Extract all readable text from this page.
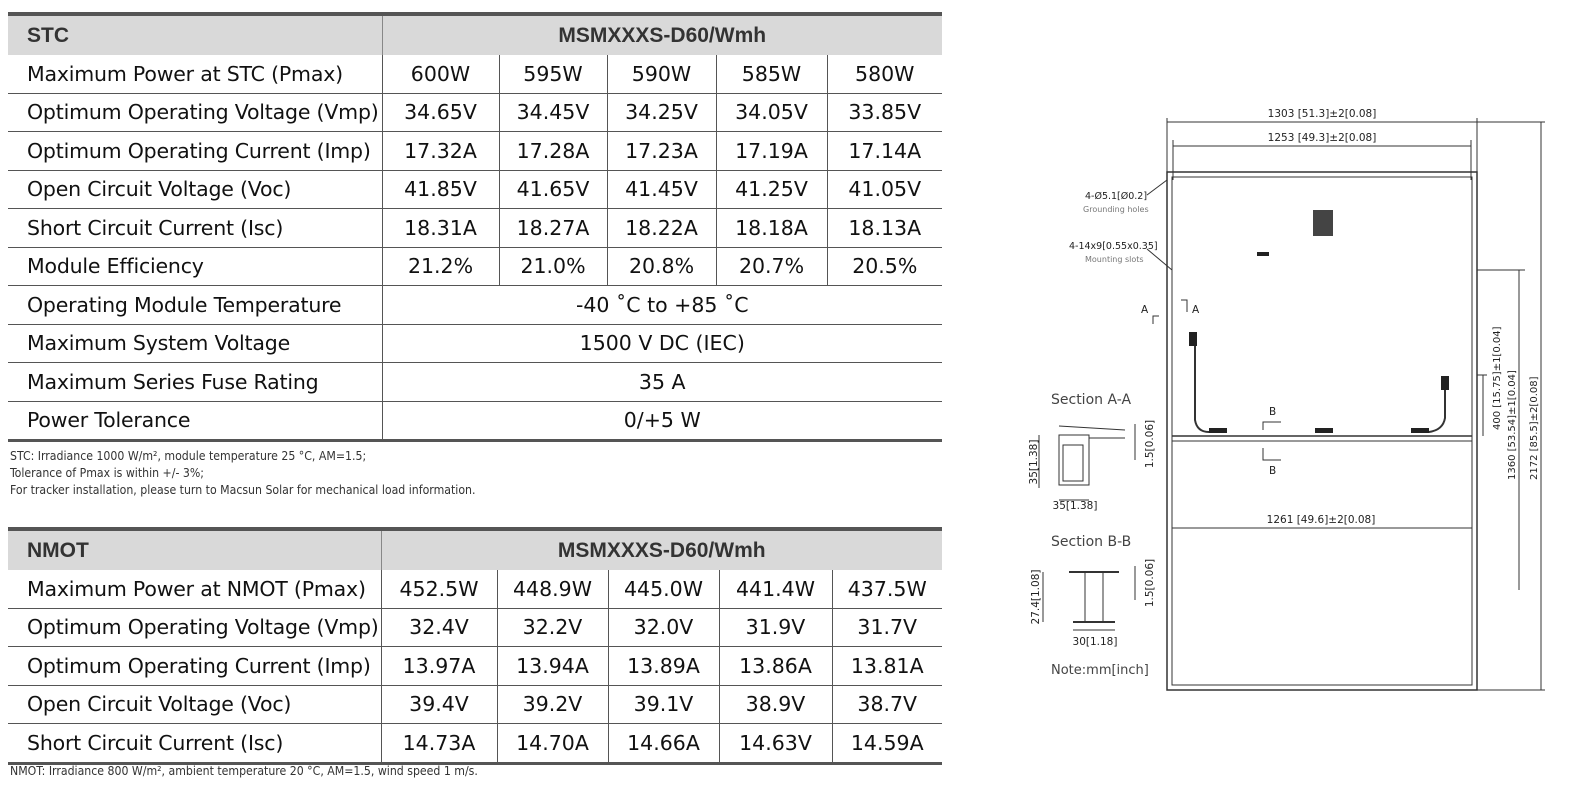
STC	MSMXXXS-D60/Wmh				
Maximum Power at STC (Pmax)	600W	595W	590W	585W	580W
Optimum Operating Voltage (Vmp)	34.65V	34.45V	34.25V	34.05V	33.85V
Optimum Operating Current (Imp)	17.32A	17.28A	17.23A	17.19A	17.14A
Open Circuit Voltage (Voc)	41.85V	41.65V	41.45V	41.25V	41.05V
Short Circuit Current (Isc)	18.31A	18.27A	18.22A	18.18A	18.13A
Module Efficiency	21.2%	21.0%	20.8%	20.7%	20.5%
Operating Module Temperature	-40 ˚C to +85 ˚C				
Maximum System Voltage	1500 V DC (IEC)				
Maximum Series Fuse Rating	35 A				
Power Tolerance	0/+5 W				
STC: Irradiance 1000 W/m², module temperature 25 °C, AM=1.5;
Tolerance of Pmax is within +/- 3%;
For tracker installation, please turn to Macsun Solar for mechanical load information.
NMOT	MSMXXXS-D60/Wmh				
Maximum Power at NMOT (Pmax)	452.5W	448.9W	445.0W	441.4W	437.5W
Optimum Operating Voltage (Vmp)	32.4V	32.2V	32.0V	31.9V	31.7V
Optimum Operating Current (Imp)	13.97A	13.94A	13.89A	13.86A	13.81A
Open Circuit Voltage (Voc)	39.4V	39.2V	39.1V	38.9V	38.7V
Short Circuit Current (Isc)	14.73A	14.70A	14.66A	14.63V	14.59A
NMOT: Irradiance 800 W/m², ambient temperature 20 °C, AM=1.5, wind speed 1 m/s.
1303 [51.3]±2[0.08]
1253 [49.3]±2[0.08]
4-Ø5.1[Ø0.2]
Grounding holes
4-14x9[0.55x0.35]
Mounting slots
A	A
B
B
Section A-A
35[1.38]
35[1.38]	1.5[0.06]
Section B-B
30[1.18]
27.4[1.08]	1.5[0.06]
1261 [49.6]±2[0.08]
400 [15.75]±1[0.04] 1360 [53.54]±1[0.04] 2172 [85.5]±2[0.08]
Note:mm[inch]
